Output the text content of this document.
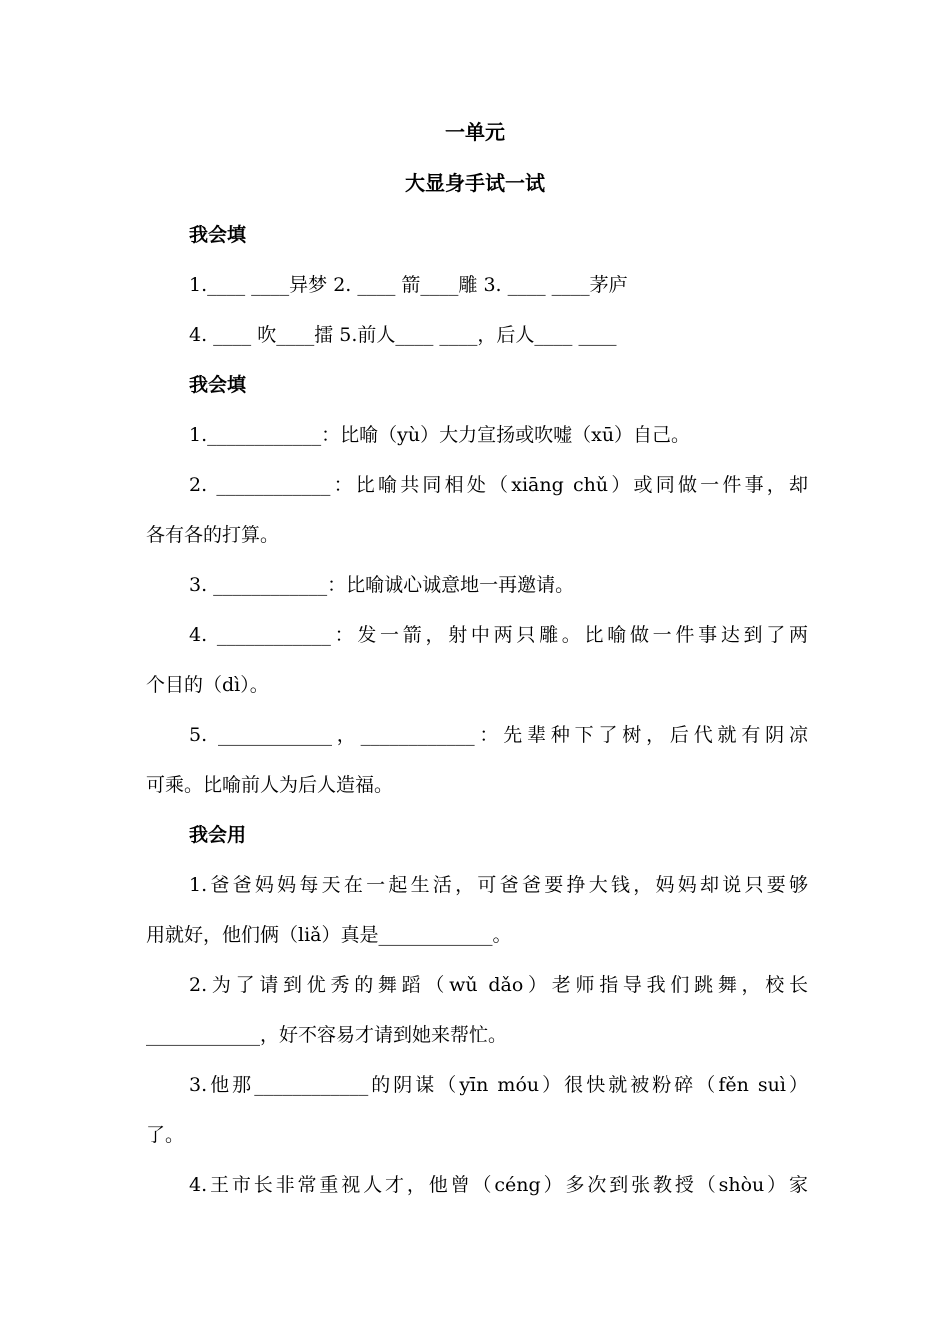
一单元
大显身手试一试
我会填
1.____ ____异梦 2. ____ 箭____雕 3. ____ ____茅庐
4. ____ 吹____擂 5.前人____ ____，后人____ ____
我会填
1.____________：比喻（yù）大力宣扬或吹嘘（xū）自己。
2. ____________：比喻共同相处（xiāng chǔ）或同做一件事，却
各有各的打算。
3. ____________：比喻诚心诚意地一再邀请。
4. ____________：发一箭，射中两只雕。比喻做一件事达到了两
个目的（dì）。
5. ____________，____________：先辈种下了树，后代就有阴凉
可乘。比喻前人为后人造福。
我会用
1.爸爸妈妈每天在一起生活，可爸爸要挣大钱，妈妈却说只要够
用就好，他们俩（liǎ）真是____________。
2.为了请到优秀的舞蹈（wǔ dǎo）老师指导我们跳舞，校长
____________，好不容易才请到她来帮忙。
3.他那____________的阴谋（yīn móu）很快就被粉碎（fěn suì）
了。
4.王市长非常重视人才，他曾（céng）多次到张教授（shòu）家
